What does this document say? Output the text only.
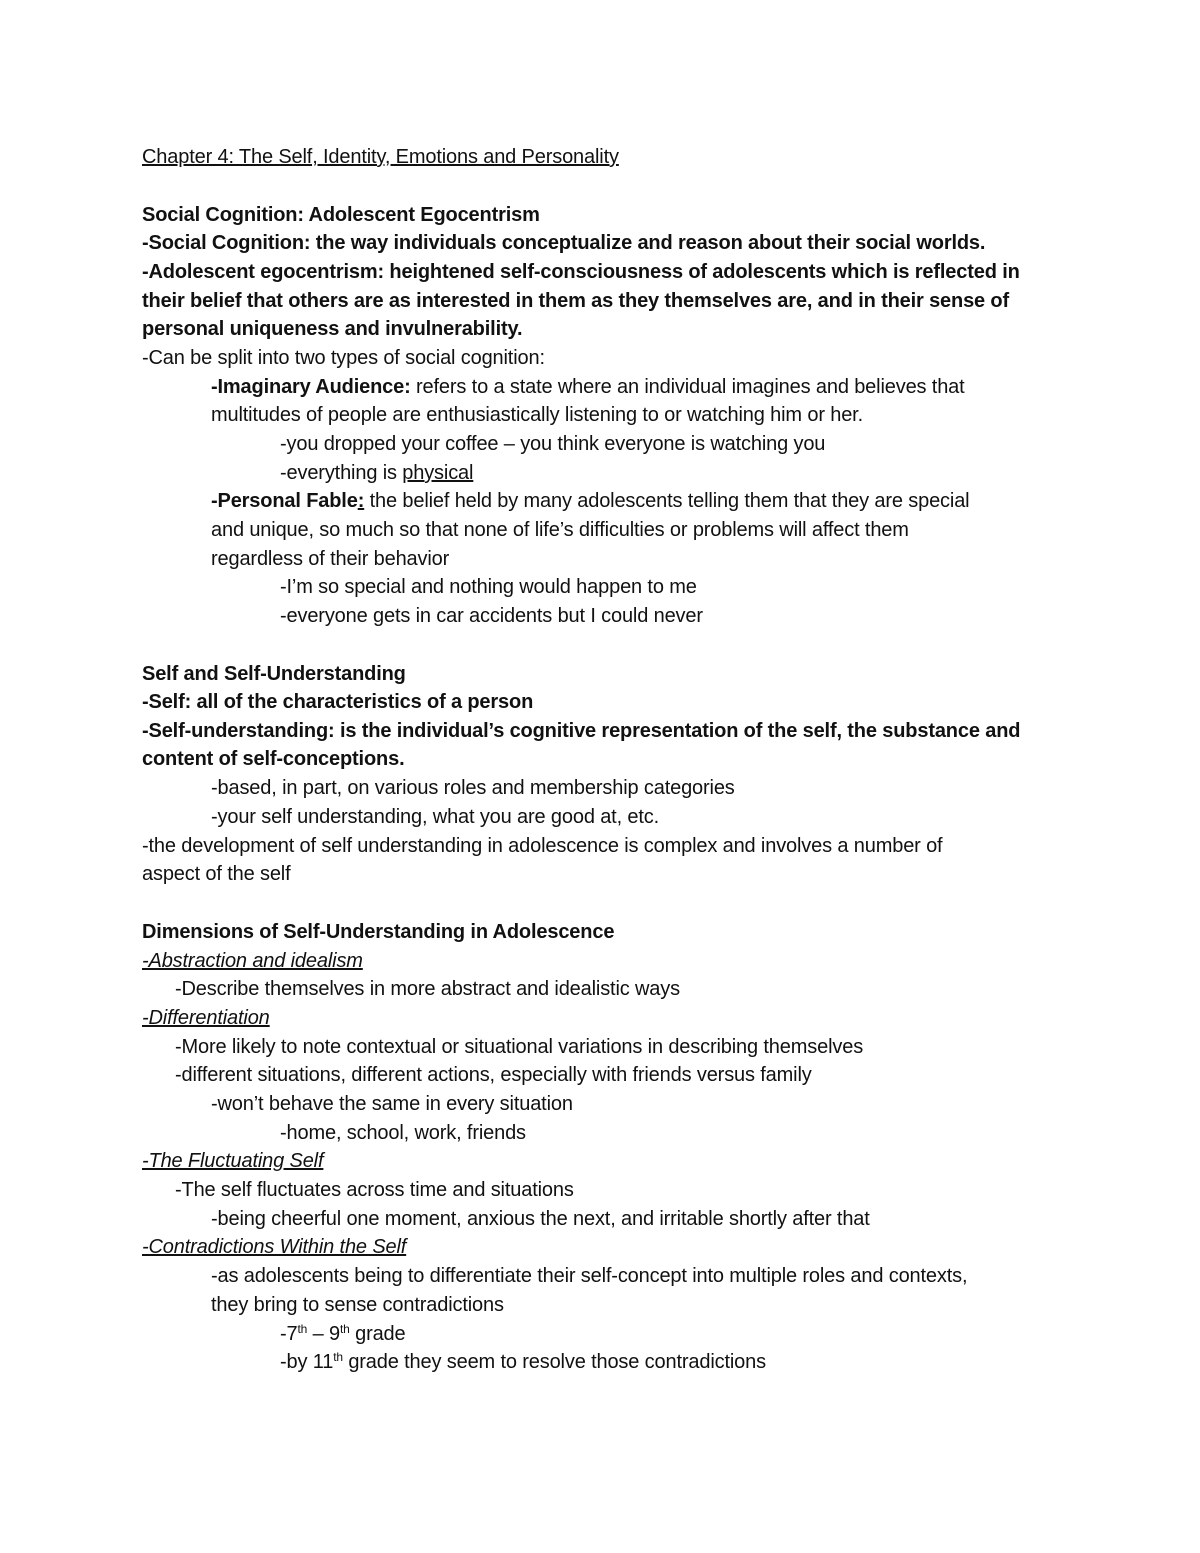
Chapter 4: The Self, Identity, Emotions and Personality
Social Cognition: Adolescent Egocentrism
-Social Cognition: the way individuals conceptualize and reason about their social worlds.
-Adolescent egocentrism: heightened self-consciousness of adolescents which is reflected in
their belief that others are as interested in them as they themselves are, and in their sense of
personal uniqueness and invulnerability.
-Can be split into two types of social cognition:
-Imaginary Audience: refers to a state where an individual imagines and believes that
multitudes of people are enthusiastically listening to or watching him or her.
-you dropped your coffee – you think everyone is watching you
-everything is physical
-Personal Fable: the belief held by many adolescents telling them that they are special
and unique, so much so that none of life’s difficulties or problems will affect them
regardless of their behavior
-I’m so special and nothing would happen to me
-everyone gets in car accidents but I could never
Self and Self-Understanding
-Self: all of the characteristics of a person
-Self-understanding: is the individual’s cognitive representation of the self, the substance and
content of self-conceptions.
-based, in part, on various roles and membership categories
-your self understanding, what you are good at, etc.
-the development of self understanding in adolescence is complex and involves a number of
aspect of the self
Dimensions of Self-Understanding in Adolescence
-Abstraction and idealism
-Describe themselves in more abstract and idealistic ways
-Differentiation
-More likely to note contextual or situational variations in describing themselves
-different situations, different actions, especially with friends versus family
-won’t behave the same in every situation
-home, school, work, friends
-The Fluctuating Self
-The self fluctuates across time and situations
-being cheerful one moment, anxious the next, and irritable shortly after that
-Contradictions Within the Self
-as adolescents being to differentiate their self-concept into multiple roles and contexts,
they bring to sense contradictions
-7th – 9th grade
-by 11th grade they seem to resolve those contradictions
